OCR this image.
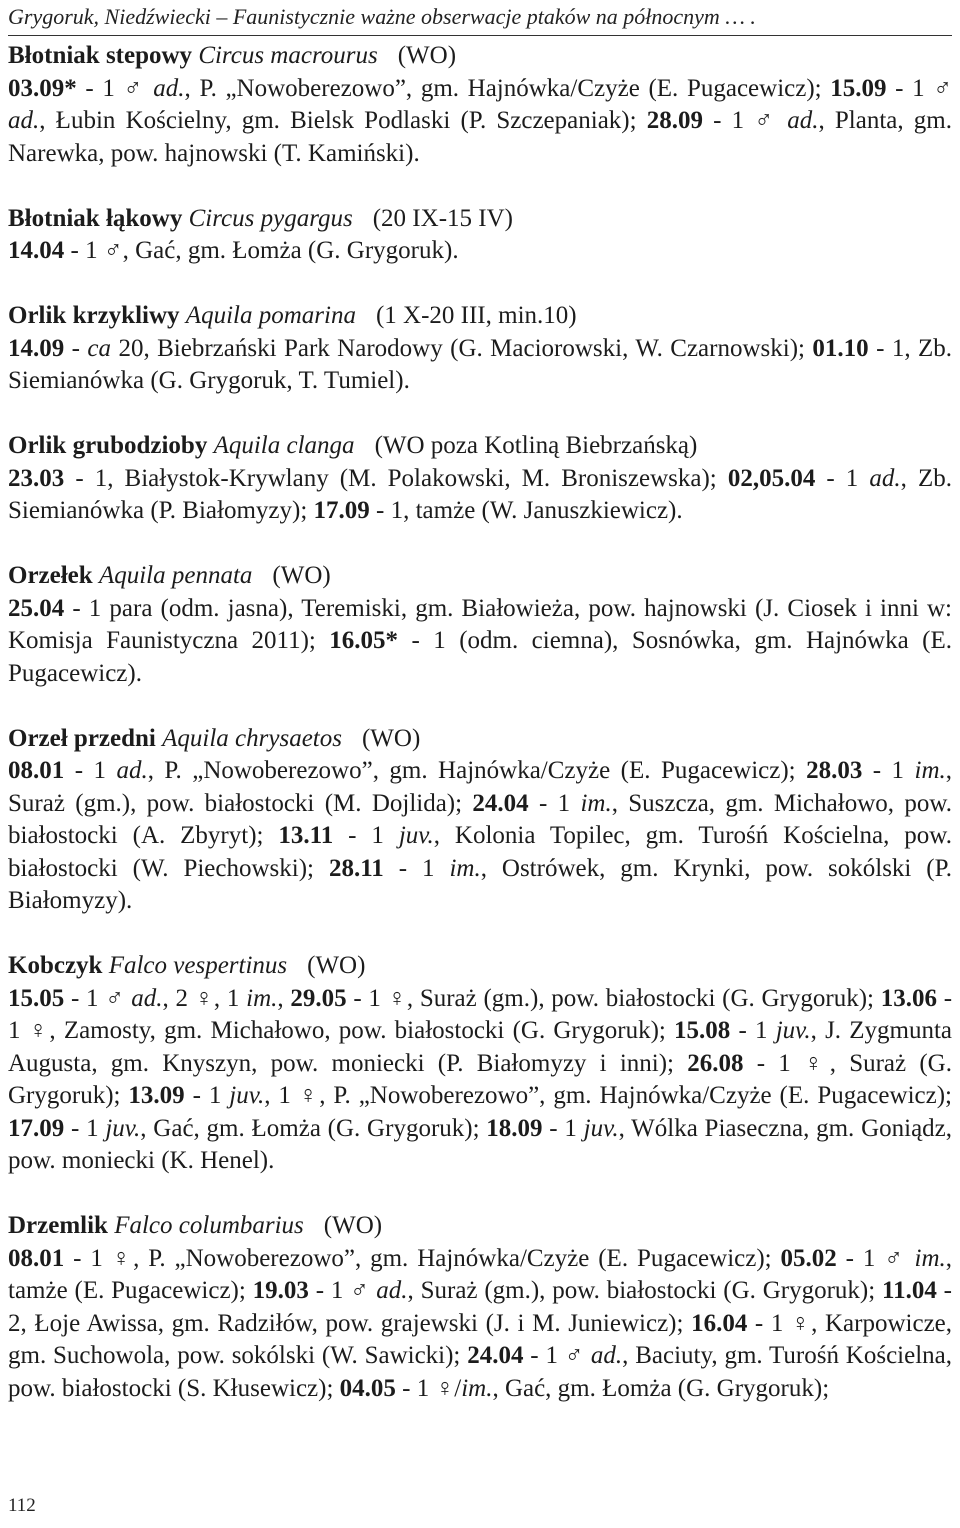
Grygoruk, Niedźwiecki – Faunistycznie ważne obserwacje ptaków na północnym … .
Błotniak stepowy Circus macrourus (WO)
03.09* - 1 ♂ ad., P. „Nowoberezowo”, gm. Hajnówka/Czyże (E. Pugacewicz); 15.09 - 1 ♂ ad., Łubin Kościelny, gm. Bielsk Podlaski (P. Szczepaniak); 28.09 - 1 ♂ ad., Planta, gm. Narewka, pow. hajnowski (T. Kamiński).
Błotniak łąkowy Circus pygargus (20 IX-15 IV)
14.04 - 1 ♂, Gać, gm. Łomża (G. Grygoruk).
Orlik krzykliwy Aquila pomarina (1 X-20 III, min.10)
14.09 - ca 20, Biebrzański Park Narodowy (G. Maciorowski, W. Czarnowski); 01.10 - 1, Zb. Siemianówka (G. Grygoruk, T. Tumiel).
Orlik grubodzioby Aquila clanga (WO poza Kotliną Biebrzańską)
23.03 - 1, Białystok-Krywlany (M. Polakowski, M. Broniszewska); 02,05.04 - 1 ad., Zb. Siemianówka (P. Białomyzy); 17.09 - 1, tamże (W. Januszkiewicz).
Orzełek Aquila pennata (WO)
25.04 - 1 para (odm. jasna), Teremiski, gm. Białowieża, pow. hajnowski (J. Ciosek i inni w: Komisja Faunistyczna 2011); 16.05* - 1 (odm. ciemna), Sosnówka, gm. Hajnówka (E. Pugacewicz).
Orzeł przedni Aquila chrysaetos (WO)
08.01 - 1 ad., P. „Nowoberezowo”, gm. Hajnówka/Czyże (E. Pugacewicz); 28.03 - 1 im., Suraż (gm.), pow. białostocki (M. Dojlida); 24.04 - 1 im., Suszcza, gm. Michałowo, pow. białostocki (A. Zbyryt); 13.11 - 1 juv., Kolonia Topilec, gm. Turośń Kościelna, pow. białostocki (W. Piechowski); 28.11 - 1 im., Ostrówek, gm. Krynki, pow. sokólski (P. Białomyzy).
Kobczyk Falco vespertinus (WO)
15.05 - 1 ♂ ad., 2 ♀, 1 im., 29.05 - 1 ♀, Suraż (gm.), pow. białostocki (G. Grygoruk); 13.06 - 1 ♀, Zamosty, gm. Michałowo, pow. białostocki (G. Grygoruk); 15.08 - 1 juv., J. Zygmunta Augusta, gm. Knyszyn, pow. moniecki (P. Białomyzy i inni); 26.08 - 1 ♀, Suraż (G. Grygoruk); 13.09 - 1 juv., 1 ♀, P. „Nowoberezowo”, gm. Hajnówka/Czyże (E. Pugacewicz); 17.09 - 1 juv., Gać, gm. Łomża (G. Grygoruk); 18.09 - 1 juv., Wólka Piaseczna, gm. Goniądz, pow. moniecki (K. Henel).
Drzemlik Falco columbarius (WO)
08.01 - 1 ♀, P. „Nowoberezowo”, gm. Hajnówka/Czyże (E. Pugacewicz); 05.02 - 1 ♂ im., tamże (E. Pugacewicz); 19.03 - 1 ♂ ad., Suraż (gm.), pow. białostocki (G. Grygoruk); 11.04 - 2, Łoje Awissa, gm. Radziłów, pow. grajewski (J. i M. Juniewicz); 16.04 - 1 ♀, Karpowicze, gm. Suchowola, pow. sokólski (W. Sawicki); 24.04 - 1 ♂ ad., Baciuty, gm. Turośń Kościelna, pow. białostocki (S. Kłusewicz); 04.05 - 1 ♀/im., Gać, gm. Łomża (G. Grygoruk);
112
